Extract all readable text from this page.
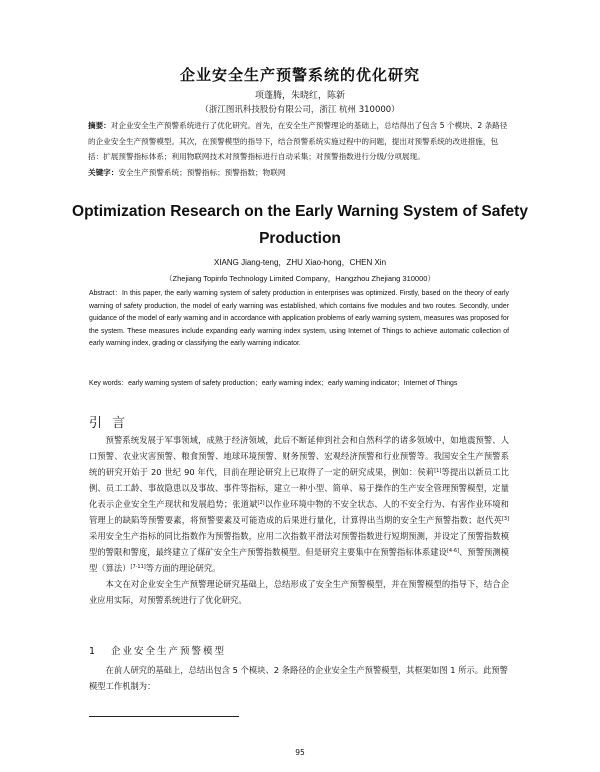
企业安全生产预警系统的优化研究
项蓬腾，朱晓红，陈新
（浙江图讯科技股份有限公司，浙江 杭州 310000）
摘要：对企业安全生产预警系统进行了优化研究。首先，在安全生产预警理论的基础上，总结得出了包含 5 个模块、2 条路径的企业安全生产预警模型。其次，在预警模型的指导下，结合预警系统实施过程中的问题，提出对预警系统的改进措施，包括：扩展预警指标体系；利用物联网技术对预警指标进行自动采集；对预警指数进行分级/分项展现。
关键字：安全生产预警系统；预警指标；预警指数；物联网
Optimization Research on the Early Warning System of Safety
Production
XIANG Jiang-teng，ZHU Xiao-hong，CHEN Xin
（Zhejiang Topinfo Technology Limited Company，Hangzhou Zhejiang 310000）
Abstract：In this paper, the early warning system of safety production in enterprises was optimized. Firstly, based on the theory of early warning of safety production, the model of early warning was established, which contains five modules and two routes. Secondly, under guidance of the model of early warning and in accordance with application problems of early warning system, measures was proposed for the system. These measures include expanding early warning index system, using Internet of Things to achieve automatic collection of early warning index, grading or classifying the early warning indicator.
Key words：early warning system of safety production；early warning index；early warning indicator；Internet of Things
引言

预警系统发展于军事领域，成熟于经济领域，此后不断延伸到社会和自然科学的诸多领域中，如地震预警、人口预警、农业灾害预警、粮食预警、地球环境预警、财务预警、宏观经济预警和行业预警等。我国安全生产预警系统的研究开始于 20 世纪 90 年代，目前在理论研究上已取得了一定的研究成果，例如：侯莉[1]等提出以新员工比例、员工工龄、事故隐患以及事故、事件等指标，建立一种小型、简单、易于操作的生产安全管理预警模型，定量化表示企业安全生产现状和发展趋势；张道斌[2]以作业环境中物的不安全状态、人的不安全行为、有害作业环境和管理上的缺陷等预警要素，将预警要素及可能造成的后果进行量化，计算得出当期的安全生产预警指数；赵代英[3]采用安全生产指标的同比指数作为预警指数，应用二次指数平滑法对预警指数进行短期预测，并设定了预警指数模型的警限和警度，最终建立了煤矿安全生产预警指数模型。但是研究主要集中在预警指标体系建设[4-6]、预警预测模型（算法）[7-11]等方面的理论研究。

本文在对企业安全生产预警理论研究基础上，总结形成了安全生产预警模型，并在预警模型的指导下，结合企业应用实际，对预警系统进行了优化研究。

1 企业安全生产预警模型

在前人研究的基础上，总结出包含 5 个模块、2 条路径的企业安全生产预警模型，其框架如图 1 所示。此预警模型工作机制为：

95
